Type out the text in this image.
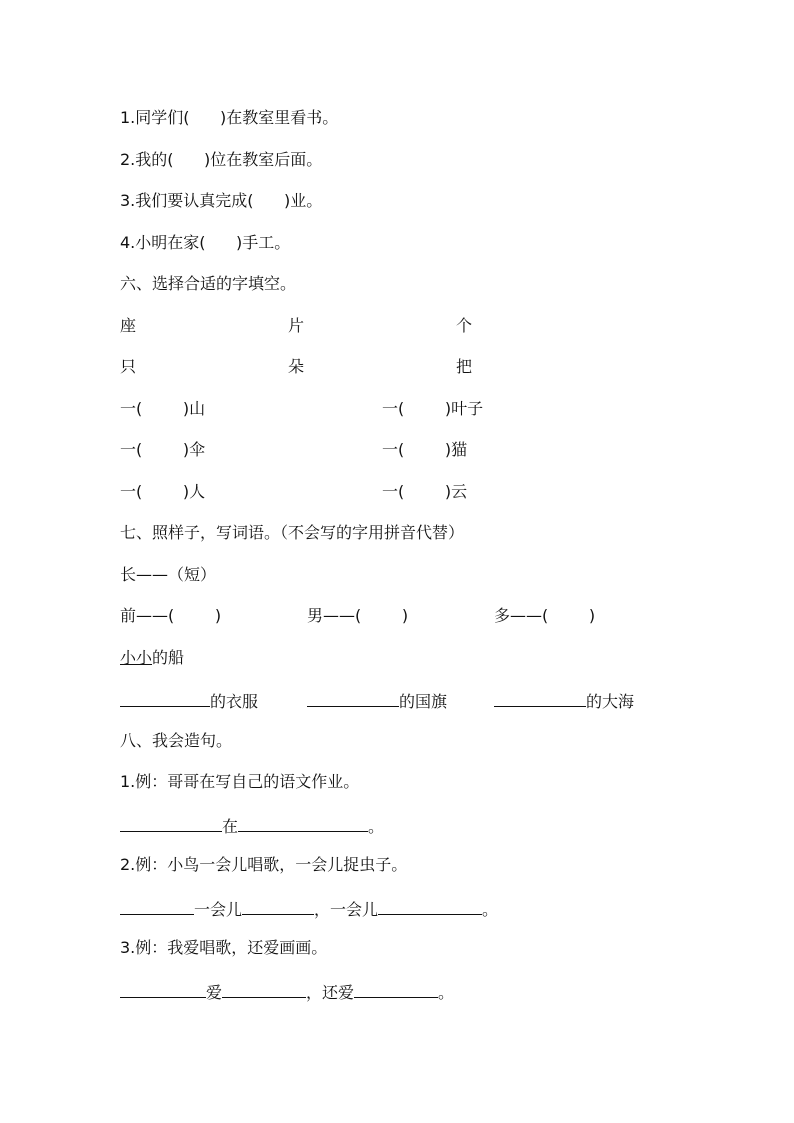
1.同学们(      )在教室里看书。
2.我的(      )位在教室后面。
3.我们要认真完成(      )业。
4.小明在家(      )手工。
六、选择合适的字填空。
座	片	个
只	朵	把
一(        )山	一(        )叶子
一(        )伞	一(        )猫
一(        )人	一(        )云
七、照样子，写词语。（不会写的字用拼音代替）
长——（短）
前——(        )	男——(        )	多——(        )
小小的船
的衣服	的国旗	的大海
八、我会造句。
1.例：哥哥在写自己的语文作业。
在	。
2.例：小鸟一会儿唱歌，一会儿捉虫子。
一会儿	，一会儿	。
3.例：我爱唱歌，还爱画画。
爱	，还爱	。
